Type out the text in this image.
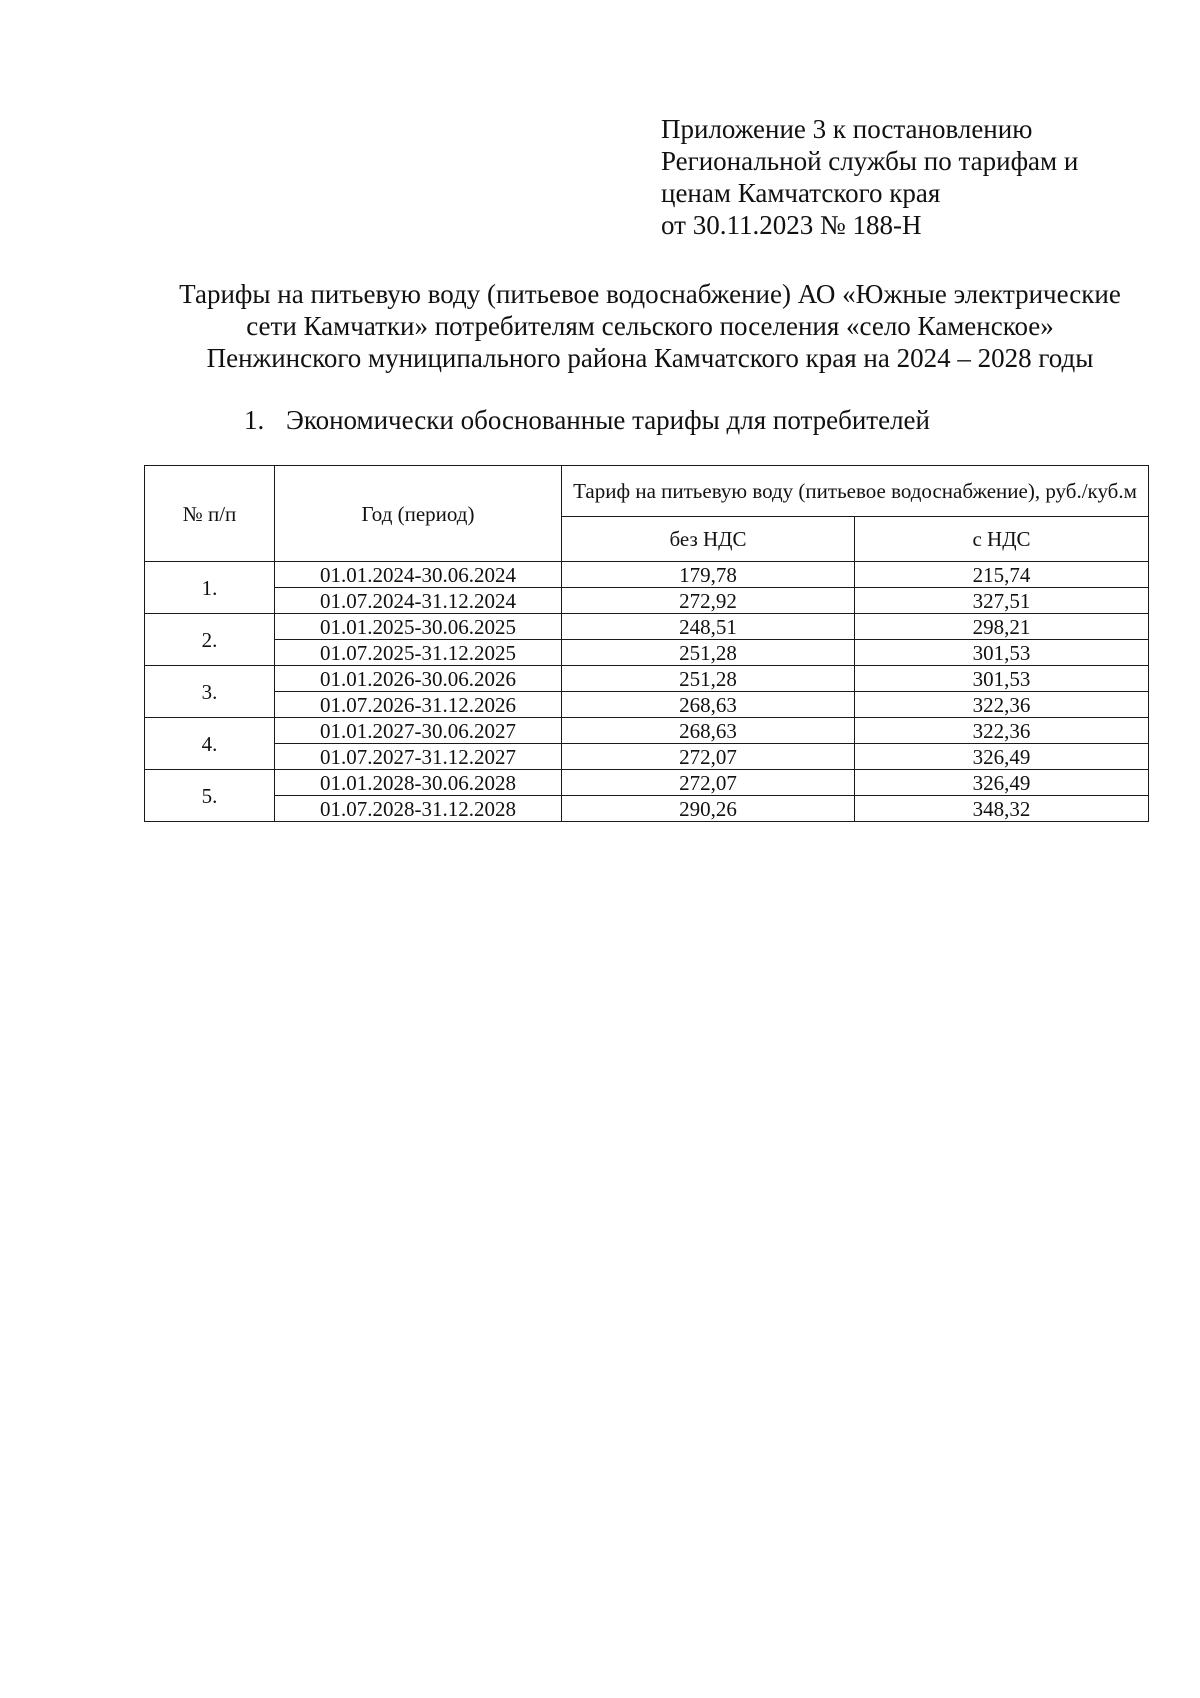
Приложение 3 к постановлению
Региональной службы по тарифам и
ценам Камчатского края
от 30.11.2023 № 188-Н
Тарифы на питьевую воду (питьевое водоснабжение) АО «Южные электрические
сети Камчатки» потребителям сельского поселения «село Каменское»
Пенжинского муниципального района Камчатского края на 2024 – 2028 годы
1. Экономически обоснованные тарифы для потребителей
№ п/п	Год (период)	Тариф на питьевую воду (питьевое водоснабжение), руб./куб.м	
		без НДС	с НДС
1.	01.01.2024-30.06.2024	179,78	215,74
	01.07.2024-31.12.2024	272,92	327,51
2.	01.01.2025-30.06.2025	248,51	298,21
	01.07.2025-31.12.2025	251,28	301,53
3.	01.01.2026-30.06.2026	251,28	301,53
	01.07.2026-31.12.2026	268,63	322,36
4.	01.01.2027-30.06.2027	268,63	322,36
	01.07.2027-31.12.2027	272,07	326,49
5.	01.01.2028-30.06.2028	272,07	326,49
	01.07.2028-31.12.2028	290,26	348,32
